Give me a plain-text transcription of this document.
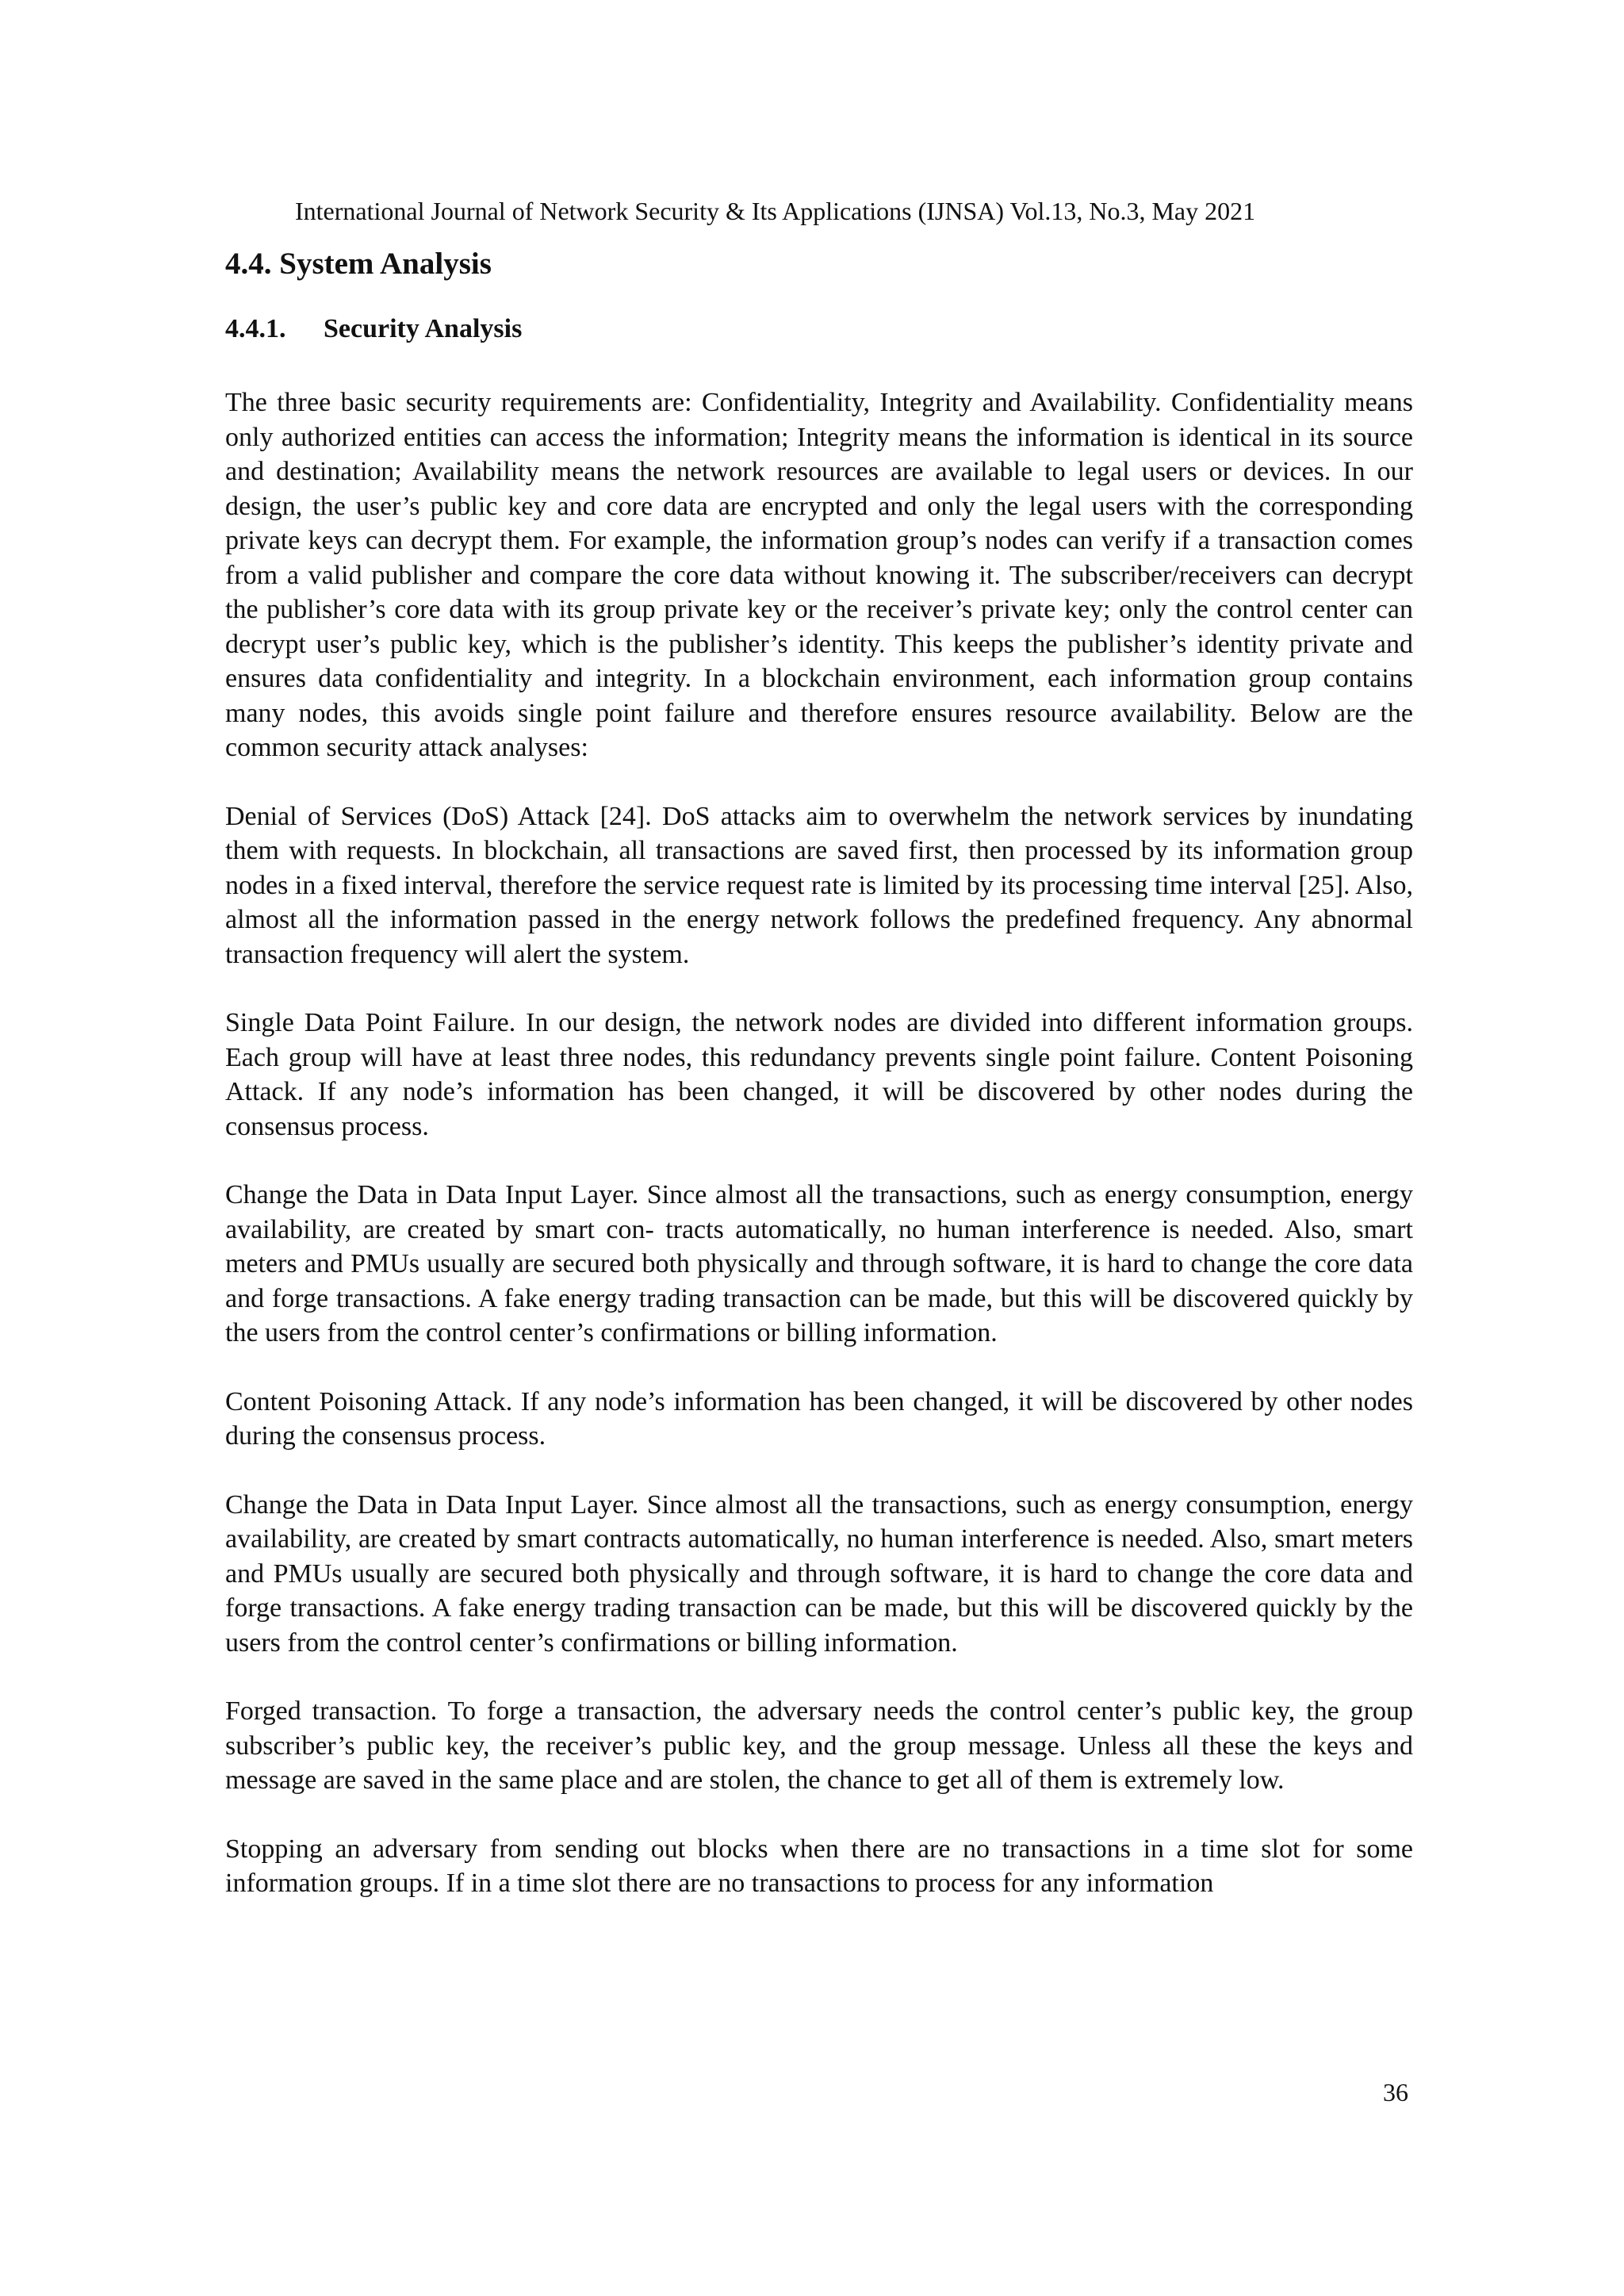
International Journal of Network Security & Its Applications (IJNSA) Vol.13, No.3, May 2021
4.4. System Analysis
4.4.1. Security Analysis

The three basic security requirements are: Confidentiality, Integrity and Availability. Confidentiality means only authorized entities can access the information; Integrity means the information is identical in its source and destination; Availability means the network resources are available to legal users or devices. In our design, the user’s public key and core data are encrypted and only the legal users with the corresponding private keys can decrypt them. For example, the information group’s nodes can verify if a transaction comes from a valid publisher and compare the core data without knowing it. The subscriber/receivers can decrypt the publisher’s core data with its group private key or the receiver’s private key; only the control center can decrypt user’s public key, which is the publisher’s identity. This keeps the publisher’s identity private and ensures data confidentiality and integrity. In a blockchain environment, each information group contains many nodes, this avoids single point failure and therefore ensures resource availability. Below are the common security attack analyses:

Denial of Services (DoS) Attack [24]. DoS attacks aim to overwhelm the network services by inundating them with requests. In blockchain, all transactions are saved first, then processed by its information group nodes in a fixed interval, therefore the service request rate is limited by its processing time interval [25]. Also, almost all the information passed in the energy network follows the predefined frequency. Any abnormal transaction frequency will alert the system.

Single Data Point Failure. In our design, the network nodes are divided into different information groups. Each group will have at least three nodes, this redundancy prevents single point failure. Content Poisoning Attack. If any node’s information has been changed, it will be discovered by other nodes during the consensus process.

Change the Data in Data Input Layer. Since almost all the transactions, such as energy consumption, energy availability, are created by smart con- tracts automatically, no human interference is needed. Also, smart meters and PMUs usually are secured both physically and through software, it is hard to change the core data and forge transactions. A fake energy trading transaction can be made, but this will be discovered quickly by the users from the control center’s confirmations or billing information.

Content Poisoning Attack. If any node’s information has been changed, it will be discovered by other nodes during the consensus process.

Change the Data in Data Input Layer. Since almost all the transactions, such as energy consumption, energy availability, are created by smart contracts automatically, no human interference is needed. Also, smart meters and PMUs usually are secured both physically and through software, it is hard to change the core data and forge transactions. A fake energy trading transaction can be made, but this will be discovered quickly by the users from the control center’s confirmations or billing information.

Forged transaction. To forge a transaction, the adversary needs the control center’s public key, the group subscriber’s public key, the receiver’s public key, and the group message. Unless all these the keys and message are saved in the same place and are stolen, the chance to get all of them is extremely low.

Stopping an adversary from sending out blocks when there are no transactions in a time slot for some information groups. If in a time slot there are no transactions to process for any information

36
